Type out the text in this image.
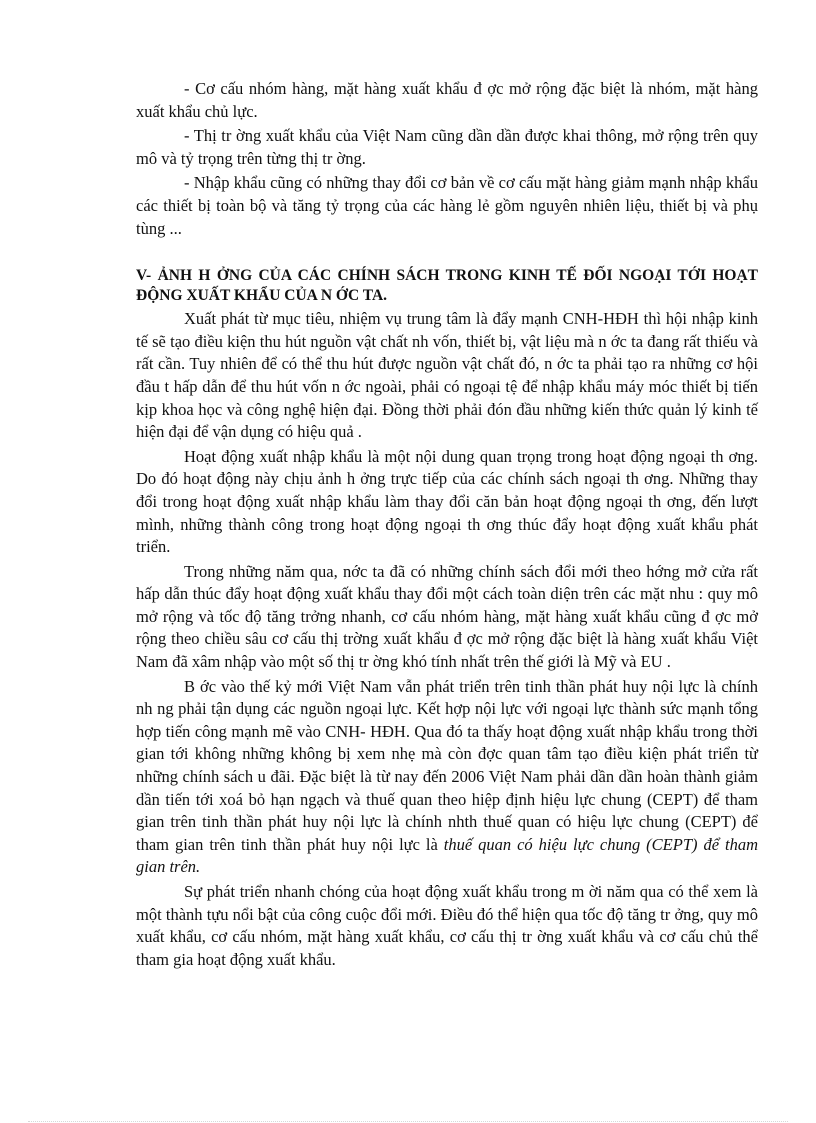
- Cơ cấu nhóm hàng, mặt hàng xuất khẩu đ ợc mở rộng đặc biệt là nhóm, mặt hàng xuất khẩu chủ lực.

- Thị tr ờng xuất khẩu của Việt Nam cũng dần dần được khai thông, mở rộng trên quy mô và tỷ trọng trên từng thị tr ờng.

- Nhập khẩu cũng có những thay đổi cơ bản về cơ cấu mặt hàng giảm mạnh nhập khẩu các thiết bị toàn bộ và tăng tỷ trọng của các hàng lẻ gồm nguyên nhiên liệu, thiết bị và phụ tùng ...

V- ẢNH H ỞNG CỦA CÁC CHÍNH SÁCH TRONG KINH TẾ ĐỐI NGOẠI TỚI HOẠT ĐỘNG XUẤT KHẨU CỦA N ỚC TA.

Xuất phát từ mục tiêu, nhiệm vụ trung tâm là đẩy mạnh CNH-HĐH thì hội nhập kinh tế sẽ tạo điều kiện thu hút nguồn vật chất nh vốn, thiết bị, vật liệu mà n ớc ta đang rất thiếu và rất cần. Tuy nhiên để có thể thu hút được nguồn vật chất đó, n ớc ta phải tạo ra những cơ hội đầu t hấp dẫn để thu hút vốn n ớc ngoài, phải có ngoại tệ để nhập khẩu máy móc thiết bị tiến kịp khoa học và công nghệ hiện đại. Đồng thời phải đón đầu những kiến thức quản lý kinh tế hiện đại để vận dụng có hiệu quả .

Hoạt động xuất nhập khẩu là một nội dung quan trọng trong hoạt động ngoại th ơng. Do đó hoạt động này chịu ảnh h ởng trực tiếp của các chính sách ngoại th ơng. Những thay đổi trong hoạt động xuất nhập khẩu làm thay đổi căn bản hoạt động ngoại th ơng, đến lượt mình, những thành công trong hoạt động ngoại th ơng thúc đẩy hoạt động xuất khẩu phát triển.

Trong những năm qua, nớc ta đã có những chính sách đổi mới theo hớng mở cửa rất hấp dẫn thúc đẩy hoạt động xuất khẩu thay đổi một cách toàn diện trên các mặt nhu : quy mô mở rộng và tốc độ tăng trởng nhanh, cơ cấu nhóm hàng, mặt hàng xuất khẩu cũng đ ợc mở rộng theo chiều sâu cơ cấu thị trờng xuất khẩu đ ợc mở rộng đặc biệt là hàng xuất khẩu Việt Nam đã xâm nhập vào một số thị tr ờng khó tính nhất trên thế giới là Mỹ và EU .

B ớc vào thế kỷ mới Việt Nam vẫn phát triển trên tinh thần phát huy nội lực là chính nh ng phải tận dụng các nguồn ngoại lực. Kết hợp nội lực với ngoại lực thành sức mạnh tổng hợp tiến công mạnh mẽ vào CNH- HĐH. Qua đó ta thấy hoạt động xuất nhập khẩu trong thời gian tới không những không bị xem nhẹ mà còn đợc quan tâm tạo điều kiện phát triển từ những chính sách u đãi. Đặc biệt là từ nay đến 2006 Việt Nam phải dần dần hoàn thành giảm dần tiến tới xoá bỏ hạn ngạch và thuế quan theo hiệp định hiệu lực chung (CEPT) để tham gian trên tinh thần phát huy nội lực là chính nhth thuế quan có hiệu lực chung (CEPT) để tham gian trên tinh thần phát huy nội lực là thuế quan có hiệu lực chung (CEPT) để tham gian trên.

Sự phát triển nhanh chóng của hoạt động xuất khẩu trong m ời năm qua có thể xem là một thành tựu nổi bật của công cuộc đổi mới. Điều đó thể hiện qua tốc độ tăng tr ởng, quy mô xuất khẩu, cơ cấu nhóm, mặt hàng xuất khẩu, cơ cấu thị tr ờng xuất khẩu và cơ cấu chủ thể tham gia hoạt động xuất khẩu.
